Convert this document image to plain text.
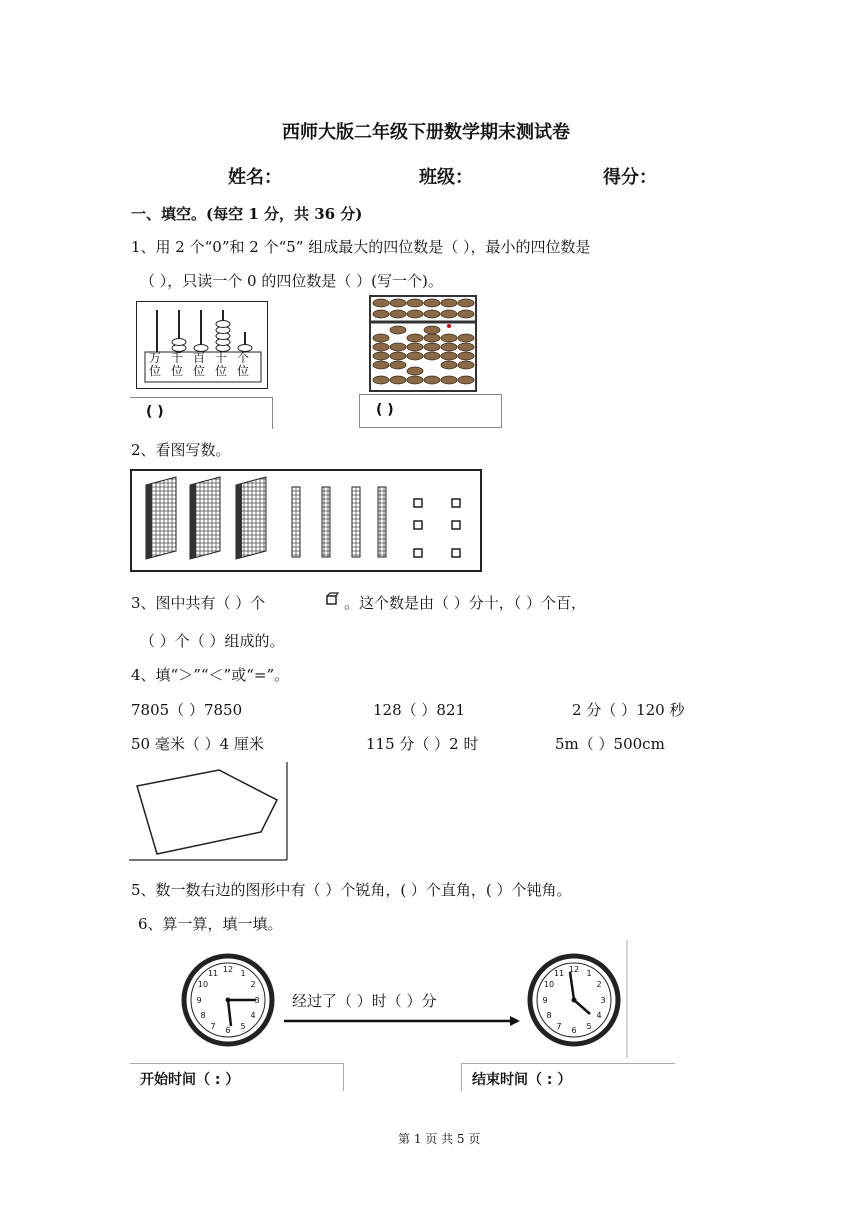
西师大版二年级下册数学期末测试卷
姓名：	班级：	得分：
一、填空。(每空 1 分，共 36 分)
1、用 2 个“0”和 2 个“5” 组成最大的四位数是（ ），最小的四位数是
（ ），只读一个 0 的四位数是（ ）(写一个)。
万位
千位
百位
十位
个位
( )	( )
2、看图写数。
3、图中共有（ ）个	。这个数是由（ ）分十，（ ）个百，
（ ）个（ ）组成的。
4、填“＞”“＜”或“=”。
7805（ ）7850	128（ ）821	2 分（ ）120 秒
50 毫米（ ）4 厘米	115 分（ ）2 时	5m（ ）500cm
5、数一数右边的图形中有（ ）个锐角，( ）个直角，( ）个钝角。
6、算一算，填一填。
12 1
2
3
4
5
6
7
8
9
10
11	12 1
2
3
4
5
6
7
8
9
10
11
经过了（ ）时（ ）分
开始时间（ : ）	结束时间（ : ）
第 1 页 共 5 页
